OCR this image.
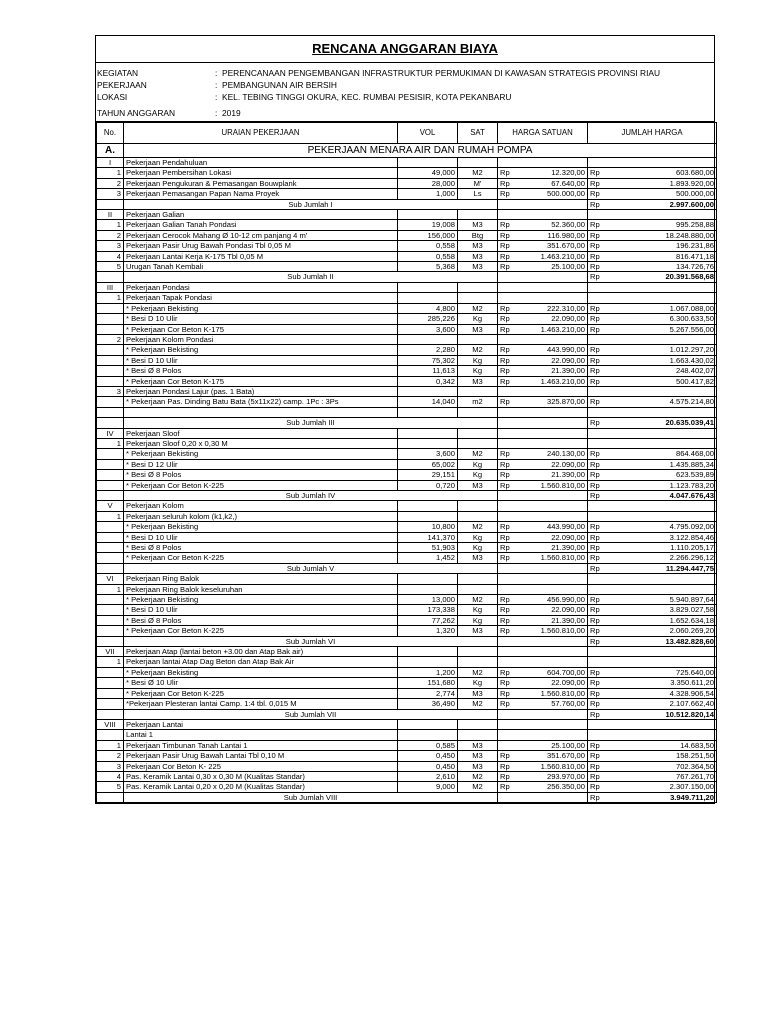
RENCANA ANGGARAN BIAYA
KEGIATAN	: PERENCANAAN PENGEMBANGAN INFRASTRUKTUR PERMUKIMAN DI KAWASAN STRATEGIS PROVINSI RIAU
PEKERJAAN	: PEMBANGUNAN AIR BERSIH
LOKASI	: KEL. TEBING TINGGI OKURA, KEC. RUMBAI PESISIR, KOTA PEKANBARU
TAHUN ANGGARAN	: 2019
No.	URAIAN PEKERJAAN	VOL	SAT	HARGA SATUAN	JUMLAH HARGA
A.	PEKERJAAN MENARA AIR DAN RUMAH POMPA				
I	Pekerjaan Pendahuluan			

1	Pekerjaan Pembersihan Lokasi	49,000	M2	Rp 12.320,00	Rp 603.680,00

2	Pekerjaan Pengukuran & Pemasangan Bouwplank	28,000	M'	Rp 67.640,00	Rp 1.893.920,00

3	Pekerjaan Pemasangan Papan Nama Proyek	1,000	Ls	Rp 500.000,00	Rp 500.000,00

	Sub Jumlah I				Rp 2.997.600,00

II	Pekerjaan Galian			

1	Pekerjaan Galian Tanah Pondasi	19,008	M3	Rp 52.360,00	Rp 995.258,88

2	Pekerjaan Cerocok Mahang Ø 10-12 cm panjang 4 m'	156,000	Btg	Rp 116.980,00	Rp 18.248.880,00

3	Pekerjaan Pasir Urug Bawah Pondasi Tbl 0,05 M	0,558	M3	Rp 351.670,00	Rp 196.231,86

4	Pekerjaan Lantai Kerja K-175 Tbl 0,05 M	0,558	M3	Rp 1.463.210,00	Rp 816.471,18

5	Urugan Tanah Kembali	5,368	M3	Rp 25.100,00	Rp 134.726,76

	Sub Jumlah II				Rp 20.391.568,68

III	Pekerjaan Pondasi			

1	Pekerjaan Tapak Pondasi			

	* Pekerjaan Bekisting	4,800	M2	Rp 222.310,00	Rp 1.067.088,00

	* Besi D 10 Ulir	285,226	Kg	Rp 22.090,00	Rp 6.300.633,50

	* Pekerjaan Cor Beton K-175	3,600	M3	Rp 1.463.210,00	Rp 5.267.556,00

2	Pekerjaan Kolom Pondasi			

	* Pekerjaan Bekisting	2,280	M2	Rp 443.990,00	Rp 1.012.297,20

	* Besi D 10 Ulir	75,302	Kg	Rp 22.090,00	Rp 1.663.430,02

	* Besi Ø 8 Polos	11,613	Kg	Rp 21.390,00	Rp 248.402,07

	* Pekerjaan Cor Beton K-175	0,342	M3	Rp 1.463.210,00	Rp 500.417,82

3	Pekerjaan Pondasi Lajur (pas. 1 Bata)			

	* Pekerjaan Pas. Dinding Batu Bata (5x11x22) camp. 1Pc : 3Ps	14,040	m2	Rp 325.870,00	Rp 4.575.214,80

	Sub Jumlah III				Rp 20.635.039,41

IV	Pekerjaan Sloof			

1	Pekerjaan Sloof 0,20 x 0,30 M			

	* Pekerjaan Bekisting	3,600	M2	Rp 240.130,00	Rp 864.468,00

	* Besi D 12 Ulir	65,002	Kg	Rp 22.090,00	Rp 1.435.885,34

	* Besi Ø 8 Polos	29,151	Kg	Rp 21.390,00	Rp 623.539,89

	* Pekerjaan Cor Beton K-225	0,720	M3	Rp 1.560.810,00	Rp 1.123.783,20

	Sub Jumlah IV				Rp 4.047.676,43

V	Pekerjaan Kolom			

1	Pekerjaan seluruh kolom (k1,k2,)			

	* Pekerjaan Bekisting	10,800	M2	Rp 443.990,00	Rp 4.795.092,00

	* Besi D 10 Ulir	141,370	Kg	Rp 22.090,00	Rp 3.122.854,46

	* Besi Ø 8 Polos	51,903	Kg	Rp 21.390,00	Rp 1.110.205,17

	* Pekerjaan Cor Beton K-225	1,452	M3	Rp 1.560.810,00	Rp 2.266.296,12

	Sub Jumlah V				Rp 11.294.447,75

VI	Pekerjaan Ring Balok			

1	Pekerjaan Ring Balok keseluruhan			

	* Pekerjaan Bekisting	13,000	M2	Rp 456.990,00	Rp 5.940.897,64

	* Besi D 10 Ulir	173,338	Kg	Rp 22.090,00	Rp 3.829.027,58

	* Besi Ø 8 Polos	77,262	Kg	Rp 21.390,00	Rp 1.652.634,18

	* Pekerjaan Cor Beton K-225	1,320	M3	Rp 1.560.810,00	Rp 2.060.269,20

	Sub Jumlah VI				Rp 13.482.828,60

VII	Pekerjaan Atap (lantai beton +3.00 dan Atap Bak air)			

1	Pekerjaan lantai Atap Dag Beton dan Atap Bak Air			

	* Pekerjaan Bekisting	1,200	M2	Rp 604.700,00	Rp 725.640,00

	* Besi Ø 10 Ulir	151,680	Kg	Rp 22.090,00	Rp 3.350.611,20

	* Pekerjaan Cor Beton K-225	2,774	M3	Rp 1.560.810,00	Rp 4.328.906,54

	*Pekerjaan Plesteran lantai Camp. 1:4 tbl. 0,015 M	36,490	M2	Rp 57.760,00	Rp 2.107.662,40

	Sub Jumlah VII				Rp 10.512.820,14

VIII	Pekerjaan Lantai			

	Lantai 1			

1	Pekerjaan Timbunan Tanah Lantai 1	0,585	M3	25.100,00	Rp 14.683,50

2	Pekerjaan Pasir Urug Bawah Lantai Tbl 0,10 M	0,450	M3	Rp 351.670,00	Rp 158.251,50

3	Pekerjaan Cor Beton K- 225	0,450	M3	Rp 1.560.810,00	Rp 702.364,50

4	Pas. Keramik Lantai 0,30 x 0,30 M (Kualitas Standar)	2,610	M2	Rp 293.970,00	Rp 767.261,70

5	Pas. Keramik Lantai 0,20 x 0,20 M (Kualitas Standar)	9,000	M2	Rp 256.350,00	Rp 2.307.150,00

	Sub Jumlah VIII				Rp 3.949.711,20
